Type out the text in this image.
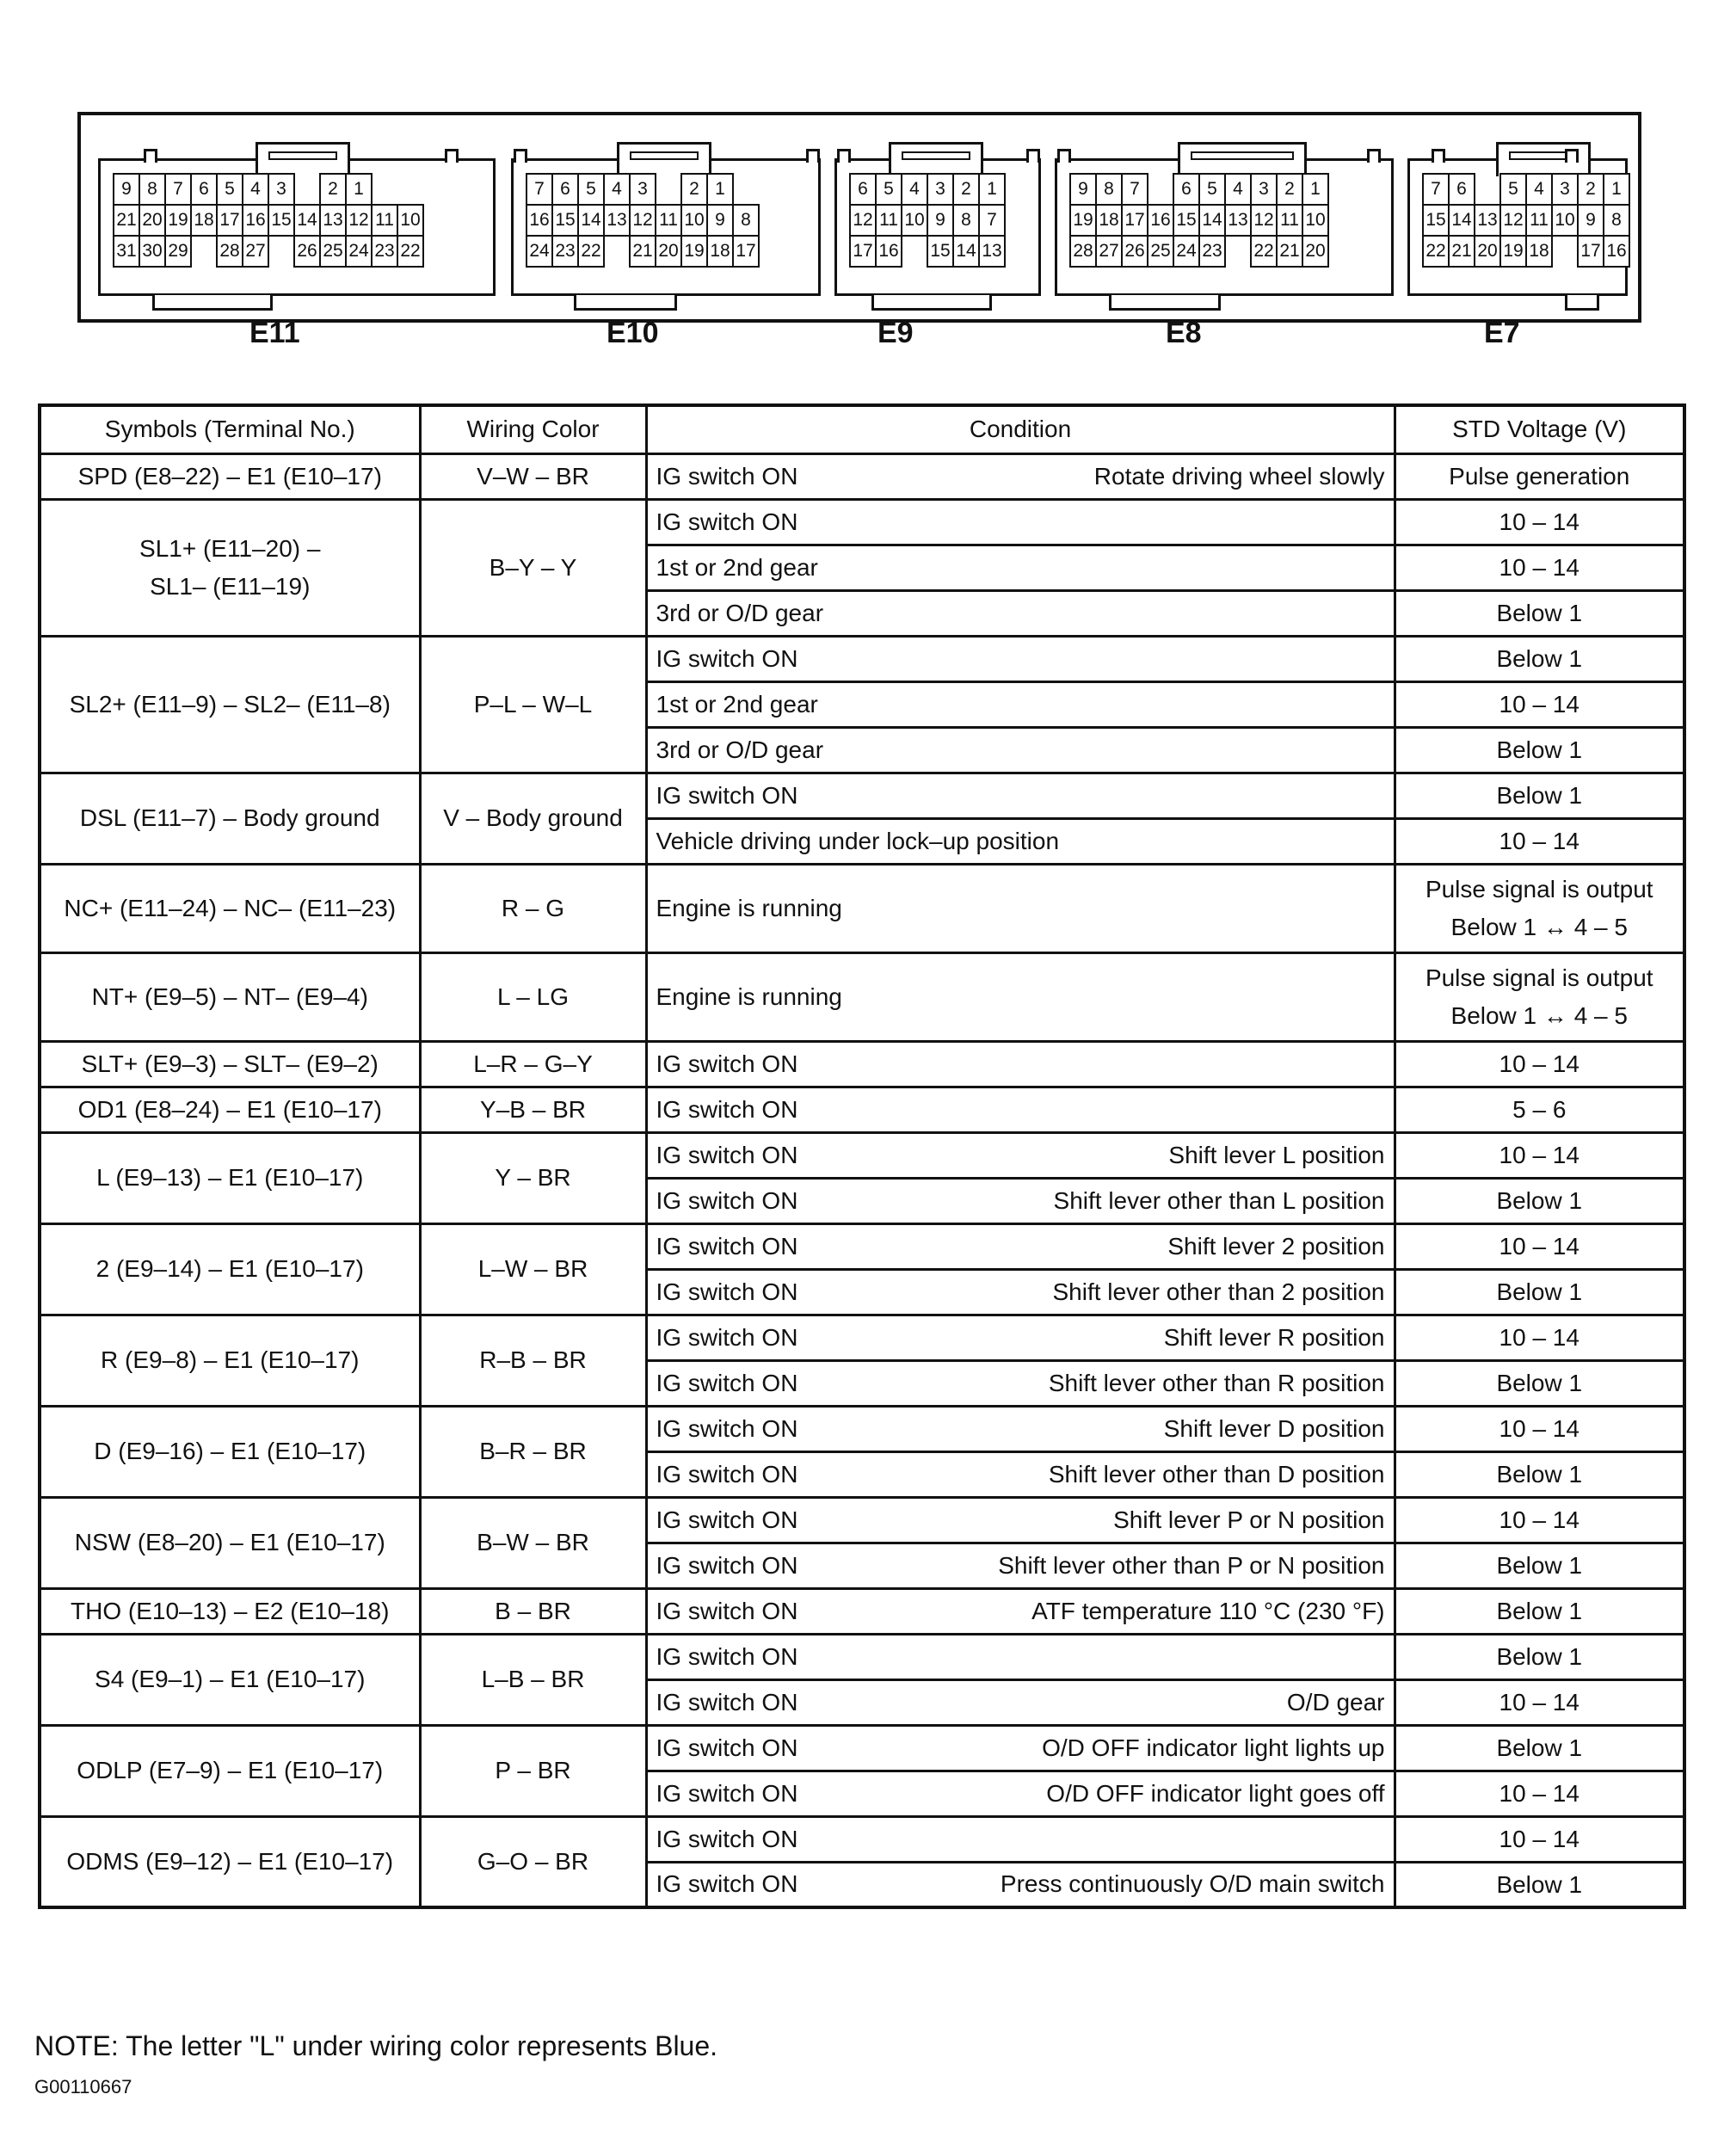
9 8 7 6 5 4 3	2 1
21 20 19 18 17 16 15 14 13 12 11 10
31 30 29 28 27 26 25 24 23 22
7 6 5 4 3	2 1
16 15 14 13 12 11 10 9 8
24 23 22 21 20 19 18 17
6 5 4 3 2 1
12 11 10 9 8 7
17 16 15 14 13
9 8 7	6 5 4 3 2 1
19 18 17 16 15 14 13 12 11 10
28 27 26 25 24 23 22 21 20
7 6	5 4 3 2 1
15 14 13 12 11 10 9 8
22 21 20 19 18 17 16
Symbols (Terminal No.)	Wiring Color	Condition	STD Voltage (V)
SPD (E8–22) – E1 (E10–17)	V–W – BR	IG switch ON Rotate driving wheel slowly	Pulse generation
SL1+ (E11–20) –
SL1– (E11–19)	B–Y – Y	IG switch ON	10 – 14

		1st or 2nd gear	10 – 14

		3rd or O/D gear	Below 1
SL2+ (E11–9) – SL2– (E11–8)	P–L – W–L	IG switch ON	Below 1

		1st or 2nd gear	10 – 14

		3rd or O/D gear	Below 1
DSL (E11–7) – Body ground	V – Body ground	IG switch ON	Below 1

		Vehicle driving under lock–up position	10 – 14
NC+ (E11–24) – NC– (E11–23)	R – G	Engine is running	Pulse signal is output
Below 1 ↔ 4 – 5
NT+ (E9–5) – NT– (E9–4)	L – LG	Engine is running	Pulse signal is output
Below 1 ↔ 4 – 5
SLT+ (E9–3) – SLT– (E9–2)	L–R – G–Y	IG switch ON	10 – 14
OD1 (E8–24) – E1 (E10–17)	Y–B – BR	IG switch ON	5 – 6
L (E9–13) – E1 (E10–17)	Y – BR	IG switch ON Shift lever L position	10 – 14

		IG switch ON Shift lever other than L position	Below 1
2 (E9–14) – E1 (E10–17)	L–W – BR	IG switch ON Shift lever 2 position	10 – 14

		IG switch ON Shift lever other than 2 position	Below 1
R (E9–8) – E1 (E10–17)	R–B – BR	IG switch ON Shift lever R position	10 – 14

		IG switch ON Shift lever other than R position	Below 1
D (E9–16) – E1 (E10–17)	B–R – BR	IG switch ON Shift lever D position	10 – 14

		IG switch ON Shift lever other than D position	Below 1
NSW (E8–20) – E1 (E10–17)	B–W – BR	IG switch ON Shift lever P or N position	10 – 14

		IG switch ON Shift lever other than P or N position	Below 1
THO (E10–13) – E2 (E10–18)	B – BR	IG switch ON ATF temperature 110 °C (230 °F)	Below 1
S4 (E9–1) – E1 (E10–17)	L–B – BR	IG switch ON	Below 1

		IG switch ON O/D gear	10 – 14
ODLP (E7–9) – E1 (E10–17)	P – BR	IG switch ON O/D OFF indicator light lights up	Below 1

		IG switch ON O/D OFF indicator light goes off	10 – 14
ODMS (E9–12) – E1 (E10–17)	G–O – BR	IG switch ON	10 – 14

		IG switch ON Press continuously O/D main switch	Below 1
NOTE: The letter "L" under wiring color represents Blue.
G00110667
E11	E10	E9	E8	E7
